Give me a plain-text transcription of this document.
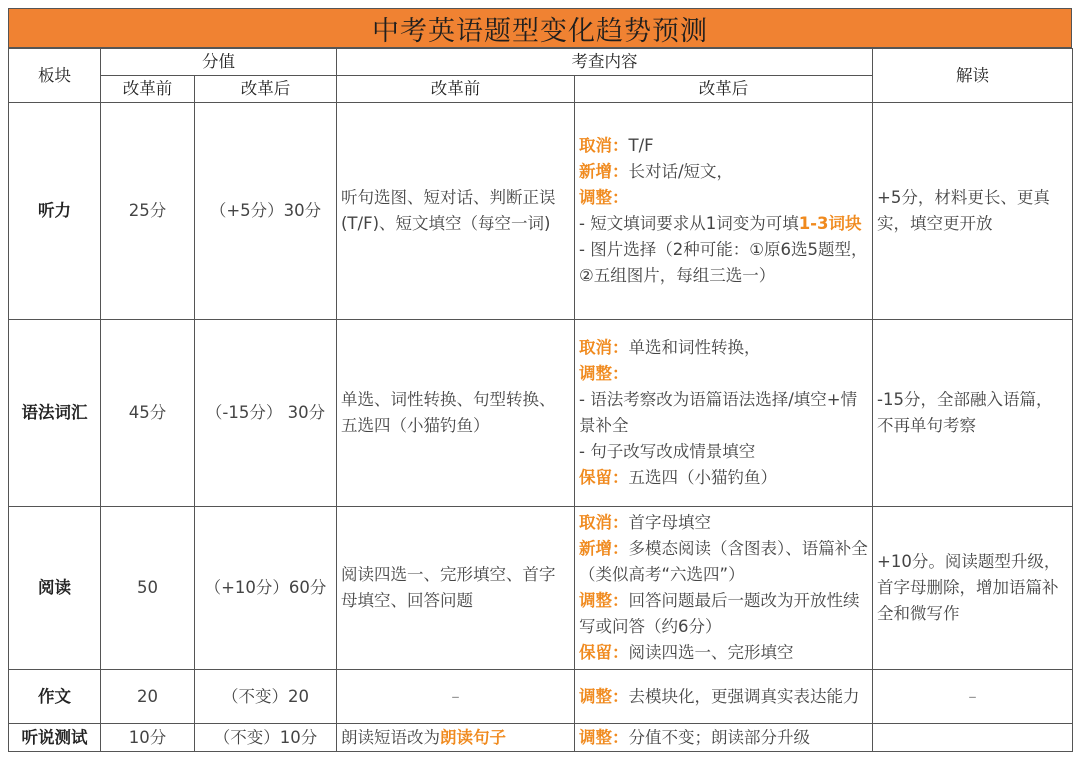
中考英语题型变化趋势预测
板块	分值		考查内容		解读
	改革前	改革后	改革前	改革后	
听力	25分	（+5分）30分	听句选图、短对话、判断正误(T/F)、短文填空（每空一词)	取消：T/F
新增：长对话/短文，
调整：
- 短文填词要求从1词变为可填1-3词块
- 图片选择（2种可能：①原6选5题型，②五组图片，每组三选一）	+5分，材料更长、更真实，填空更开放
语法词汇	45分	（-15分） 30分	单选、词性转换、句型转换、五选四（小猫钓鱼）	取消：单选和词性转换，
调整：
- 语法考察改为语篇语法选择/填空+情景补全
- 句子改写改成情景填空
保留：五选四（小猫钓鱼）	-15分，全部融入语篇，不再单句考察
阅读	50	（+10分）60分	阅读四选一、完形填空、首字母填空、回答问题	取消：首字母填空
新增：多模态阅读（含图表）、语篇补全（类似高考“六选四”）
调整：回答问题最后一题改为开放性续写或问答（约6分）
保留：阅读四选一、完形填空	+10分。阅读题型升级，首字母删除，增加语篇补全和微写作
作文	20	（不变）20	–	调整：去模块化，更强调真实表达能力	–
听说测试	10分	（不变）10分	朗读短语改为朗读句子	调整：分值不变；朗读部分升级	
